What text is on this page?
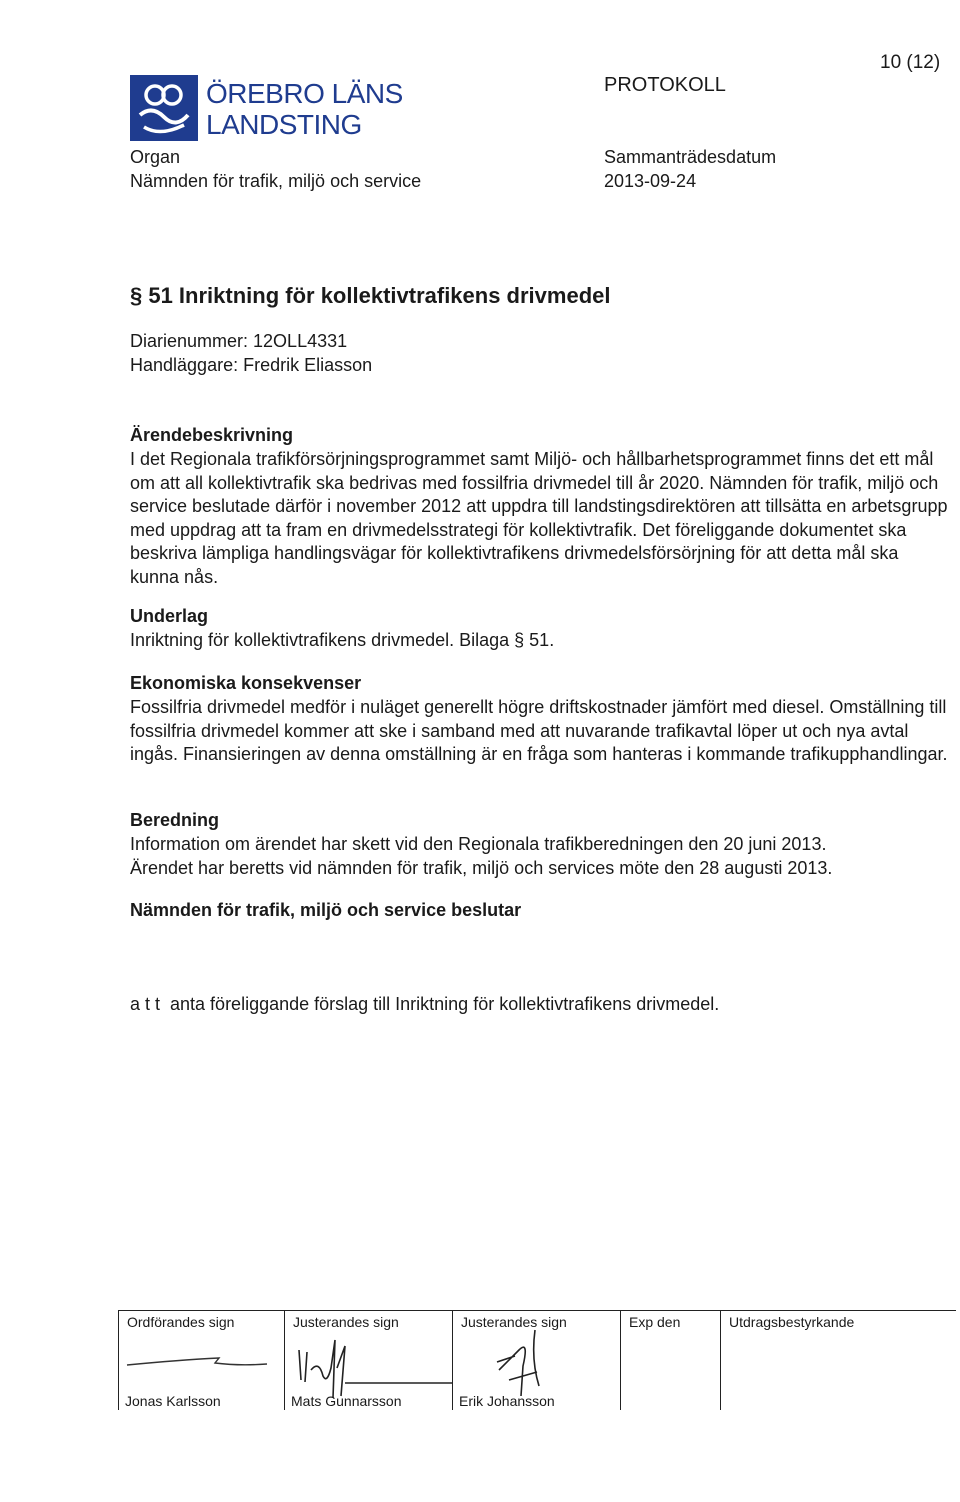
10 (12)
ÖREBRO LÄNS
LANDSTING
PROTOKOLL
Organ
Nämnden för trafik, miljö och service
Sammanträdesdatum
2013-09-24
§ 51 Inriktning för kollektivtrafikens drivmedel
Diarienummer: 12OLL4331
Handläggare: Fredrik Eliasson
Ärendebeskrivning

I det Regionala trafikförsörjningsprogrammet samt Miljö- och hållbarhetsprogrammet finns det ett mål om att all kollektivtrafik ska bedrivas med fossilfria drivmedel till år 2020. Nämnden för trafik, miljö och service beslutade därför i november 2012 att uppdra till landstingsdirektören att tillsätta en arbetsgrupp med uppdrag att ta fram en drivmedelsstrategi för kollektivtrafik. Det föreliggande dokumentet ska beskriva lämpliga handlingsvägar för kollektivtrafikens drivmedelsförsörjning för att detta mål ska kunna nås.

Underlag

Inriktning för kollektivtrafikens drivmedel. Bilaga § 51.

Ekonomiska konsekvenser

Fossilfria drivmedel medför i nuläget generellt högre driftskostnader jämfört med diesel. Omställning till fossilfria drivmedel kommer att ske i samband med att nuvarande trafikavtal löper ut och nya avtal ingås. Finansieringen av denna omställning är en fråga som hanteras i kommande trafikupphandlingar.

Beredning

Information om ärendet har skett vid den Regionala trafikberedningen den 20 juni 2013.

Ärendet har beretts vid nämnden för trafik, miljö och services möte den 28 augusti 2013.

Nämnden för trafik, miljö och service beslutar

a t t  anta föreliggande förslag till Inriktning för kollektivtrafikens drivmedel.

Ordförandes sign
Jonas Karlsson
Justerandes sign
Mats Gunnarsson
Justerandes sign
Erik Johansson
Exp den	Utdragsbestyrkande
